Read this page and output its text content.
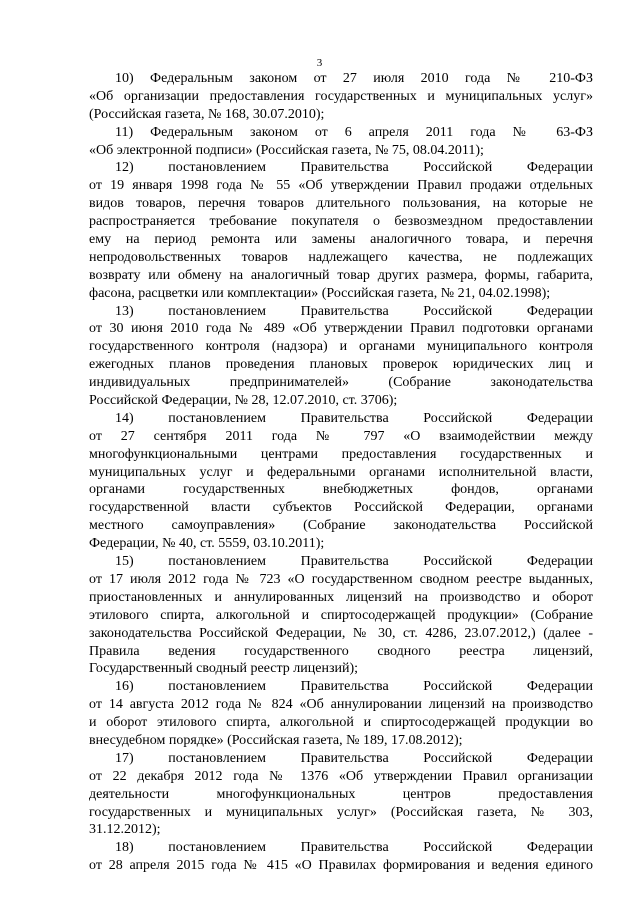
3
10) Федеральным законом от 27 июля 2010 года № 210-ФЗ
«Об организации предоставления государственных и муниципальных услуг»
(Российская газета, № 168, 30.07.2010);
11) Федеральным законом от 6 апреля 2011 года № 63-ФЗ
«Об электронной подписи» (Российская газета, № 75, 08.04.2011);
12) постановлением Правительства Российской Федерации
от 19 января 1998 года № 55 «Об утверждении Правил продажи отдельных
видов товаров, перечня товаров длительного пользования, на которые не
распространяется требование покупателя о безвозмездном предоставлении
ему на период ремонта или замены аналогичного товара, и перечня
непродовольственных товаров надлежащего качества, не подлежащих
возврату или обмену на аналогичный товар других размера, формы, габарита,
фасона, расцветки или комплектации» (Российская газета, № 21, 04.02.1998);
13) постановлением Правительства Российской Федерации
от 30 июня 2010 года № 489 «Об утверждении Правил подготовки органами
государственного контроля (надзора) и органами муниципального контроля
ежегодных планов проведения плановых проверок юридических лиц и
индивидуальных предпринимателей» (Собрание законодательства
Российской Федерации, № 28, 12.07.2010, ст. 3706);
14) постановлением Правительства Российской Федерации
от 27 сентября 2011 года № 797 «О взаимодействии между
многофункциональными центрами предоставления государственных и
муниципальных услуг и федеральными органами исполнительной власти,
органами государственных внебюджетных фондов, органами
государственной власти субъектов Российской Федерации, органами
местного самоуправления» (Собрание законодательства Российской
Федерации, № 40, ст. 5559, 03.10.2011);
15) постановлением Правительства Российской Федерации
от 17 июля 2012 года № 723 «О государственном сводном реестре выданных,
приостановленных и аннулированных лицензий на производство и оборот
этилового спирта, алкогольной и спиртосодержащей продукции» (Собрание
законодательства Российской Федерации, № 30, ст. 4286, 23.07.2012,) (далее -
Правила ведения государственного сводного реестра лицензий,
Государственный сводный реестр лицензий);
16) постановлением Правительства Российской Федерации
от 14 августа 2012 года № 824 «Об аннулировании лицензий на производство
и оборот этилового спирта, алкогольной и спиртосодержащей продукции во
внесудебном порядке» (Российская газета, № 189, 17.08.2012);
17) постановлением Правительства Российской Федерации
от 22 декабря 2012 года № 1376 «Об утверждении Правил организации
деятельности многофункциональных центров предоставления
государственных и муниципальных услуг» (Российская газета, № 303,
31.12.2012);
18) постановлением Правительства Российской Федерации
от 28 апреля 2015 года № 415 «О Правилах формирования и ведения единого
